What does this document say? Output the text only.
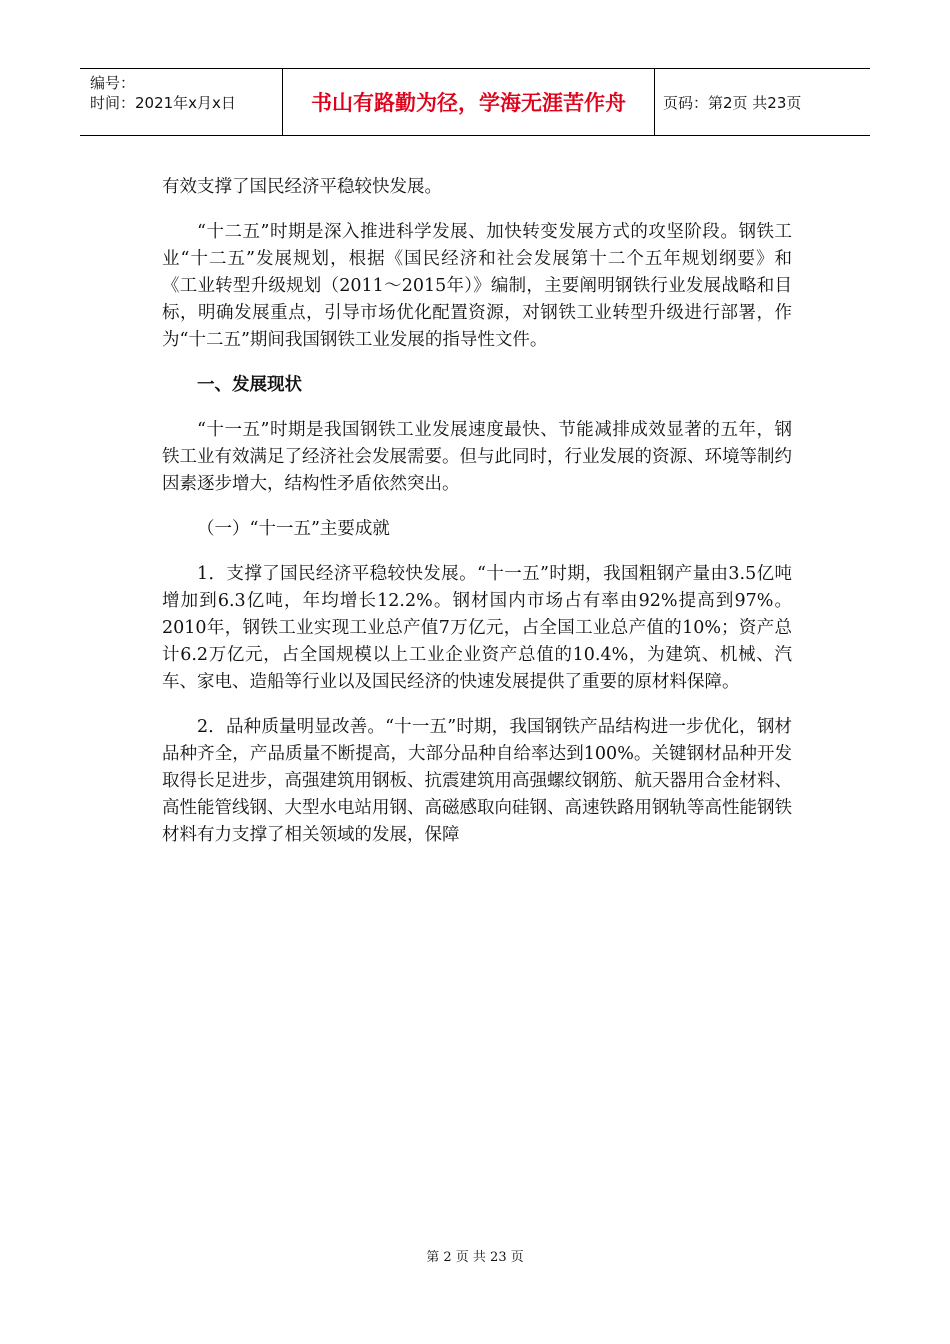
编号：
时间：2021年x月x日	书山有路勤为径，学海无涯苦作舟	页码：第2页 共23页

有效支撑了国民经济平稳较快发展。

“十二五”时期是深入推进科学发展、加快转变发展方式的攻坚阶段。钢铁工业“十二五”发展规划，根据《国民经济和社会发展第十二个五年规划纲要》和《工业转型升级规划（2011～2015年）》编制，主要阐明钢铁行业发展战略和目标，明确发展重点，引导市场优化配置资源，对钢铁工业转型升级进行部署，作为“十二五”期间我国钢铁工业发展的指导性文件。

一、发展现状

“十一五”时期是我国钢铁工业发展速度最快、节能减排成效显著的五年，钢铁工业有效满足了经济社会发展需要。但与此同时，行业发展的资源、环境等制约因素逐步增大，结构性矛盾依然突出。

（一）“十一五”主要成就

1．支撑了国民经济平稳较快发展。“十一五”时期，我国粗钢产量由3.5亿吨增加到6.3亿吨，年均增长12.2%。钢材国内市场占有率由92%提高到97%。2010年，钢铁工业实现工业总产值7万亿元，占全国工业总产值的10%；资产总计6.2万亿元，占全国规模以上工业企业资产总值的10.4%，为建筑、机械、汽车、家电、造船等行业以及国民经济的快速发展提供了重要的原材料保障。

2．品种质量明显改善。“十一五”时期，我国钢铁产品结构进一步优化，钢材品种齐全，产品质量不断提高，大部分品种自给率达到100%。关键钢材品种开发取得长足进步，高强建筑用钢板、抗震建筑用高强螺纹钢筋、航天器用合金材料、高性能管线钢、大型水电站用钢、高磁感取向硅钢、高速铁路用钢轨等高性能钢铁材料有力支撑了相关领域的发展，保障

第 2 页 共 23 页
